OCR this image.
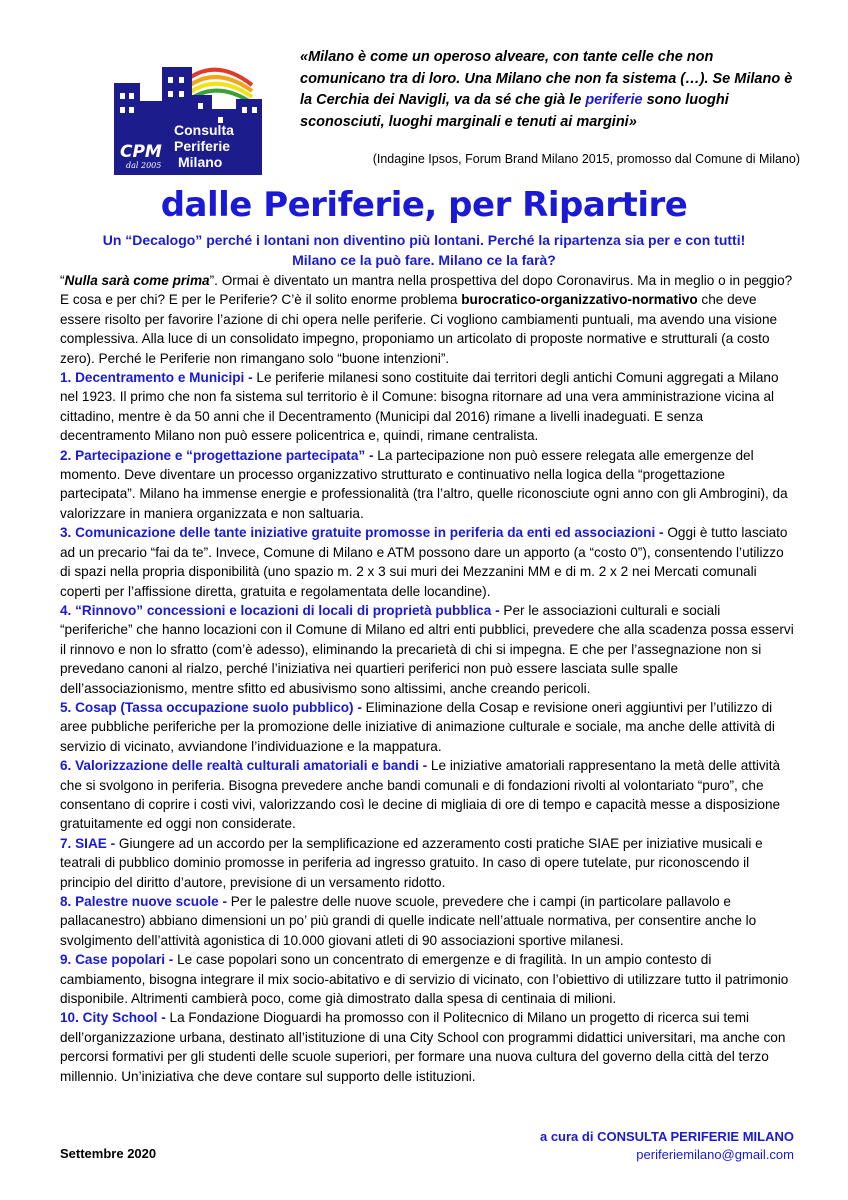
CPM
dal 2005
Consulta
Periferie
Milano
«Milano è come un operoso alveare, con tante celle che non comunicano tra di loro. Una Milano che non fa sistema (…). Se Milano è la Cerchia dei Navigli, va da sé che già le periferie sono luoghi sconosciuti, luoghi marginali e tenuti ai margini»
(Indagine Ipsos, Forum Brand Milano 2015, promosso dal Comune di Milano)
dalle Periferie, per Ripartire
Un “Decalogo” perché i lontani non diventino più lontani. Perché la ripartenza sia per e con tutti!
Milano ce la può fare. Milano ce la farà?

“Nulla sarà come prima”. Ormai è diventato un mantra nella prospettiva del dopo Coronavirus. Ma in meglio o in peggio? E cosa e per chi? E per le Periferie? C’è il solito enorme problema burocratico-organizzativo-normativo che deve essere risolto per favorire l’azione di chi opera nelle periferie. Ci vogliono cambiamenti puntuali, ma avendo una visione complessiva. Alla luce di un consolidato impegno, proponiamo un articolato di proposte normative e strutturali (a costo zero). Perché le Periferie non rimangano solo “buone intenzioni”.

1. Decentramento e Municipi - Le periferie milanesi sono costituite dai territori degli antichi Comuni aggregati a Milano nel 1923. Il primo che non fa sistema sul territorio è il Comune: bisogna ritornare ad una vera amministrazione vicina al cittadino, mentre è da 50 anni che il Decentramento (Municipi dal 2016) rimane a livelli inadeguati. E senza decentramento Milano non può essere policentrica e, quindi, rimane centralista.

2. Partecipazione e “progettazione partecipata” - La partecipazione non può essere relegata alle emergenze del momento. Deve diventare un processo organizzativo strutturato e continuativo nella logica della “progettazione partecipata”. Milano ha immense energie e professionalità (tra l’altro, quelle riconosciute ogni anno con gli Ambrogini), da valorizzare in maniera organizzata e non saltuaria.

3. Comunicazione delle tante iniziative gratuite promosse in periferia da enti ed associazioni - Oggi è tutto lasciato ad un precario “fai da te”. Invece, Comune di Milano e ATM possono dare un apporto (a “costo 0”), consentendo l’utilizzo di spazi nella propria disponibilità (uno spazio m. 2 x 3 sui muri dei Mezzanini MM e di m. 2 x 2 nei Mercati comunali coperti per l’affissione diretta, gratuita e regolamentata delle locandine).

4. “Rinnovo” concessioni e locazioni di locali di proprietà pubblica - Per le associazioni culturali e sociali “periferiche” che hanno locazioni con il Comune di Milano ed altri enti pubblici, prevedere che alla scadenza possa esservi il rinnovo e non lo sfratto (com’è adesso), eliminando la precarietà di chi si impegna. E che per l’assegnazione non si prevedano canoni al rialzo, perché l’iniziativa nei quartieri periferici non può essere lasciata sulle spalle dell’associazionismo, mentre sfitto ed abusivismo sono altissimi, anche creando pericoli.

5. Cosap (Tassa occupazione suolo pubblico) - Eliminazione della Cosap e revisione oneri aggiuntivi per l’utilizzo di aree pubbliche periferiche per la promozione delle iniziative di animazione culturale e sociale, ma anche delle attività di servizio di vicinato, avviandone l’individuazione e la mappatura.

6. Valorizzazione delle realtà culturali amatoriali e bandi - Le iniziative amatoriali rappresentano la metà delle attività che si svolgono in periferia. Bisogna prevedere anche bandi comunali e di fondazioni rivolti al volontariato “puro”, che consentano di coprire i costi vivi, valorizzando così le decine di migliaia di ore di tempo e capacità messe a disposizione gratuitamente ed oggi non considerate.

7. SIAE - Giungere ad un accordo per la semplificazione ed azzeramento costi pratiche SIAE per iniziative musicali e teatrali di pubblico dominio promosse in periferia ad ingresso gratuito. In caso di opere tutelate, pur riconoscendo il principio del diritto d’autore, previsione di un versamento ridotto.

8. Palestre nuove scuole - Per le palestre delle nuove scuole, prevedere che i campi (in particolare pallavolo e pallacanestro) abbiano dimensioni un po’ più grandi di quelle indicate nell’attuale normativa, per consentire anche lo svolgimento dell’attività agonistica di 10.000 giovani atleti di 90 associazioni sportive milanesi.

9. Case popolari - Le case popolari sono un concentrato di emergenze e di fragilità. In un ampio contesto di cambiamento, bisogna integrare il mix socio-abitativo e di servizio di vicinato, con l’obiettivo di utilizzare tutto il patrimonio disponibile. Altrimenti cambierà poco, come già dimostrato dalla spesa di centinaia di milioni.

10. City School - La Fondazione Dioguardi ha promosso con il Politecnico di Milano un progetto di ricerca sui temi dell’organizzazione urbana, destinato all’istituzione di una City School con programmi didattici universitari, ma anche con percorsi formativi per gli studenti delle scuole superiori, per formare una nuova cultura del governo della città del terzo millennio. Un’iniziativa che deve contare sul supporto delle istituzioni.

a cura di CONSULTA PERIFERIE MILANO
periferiemilano@gmail.com
Settembre 2020
